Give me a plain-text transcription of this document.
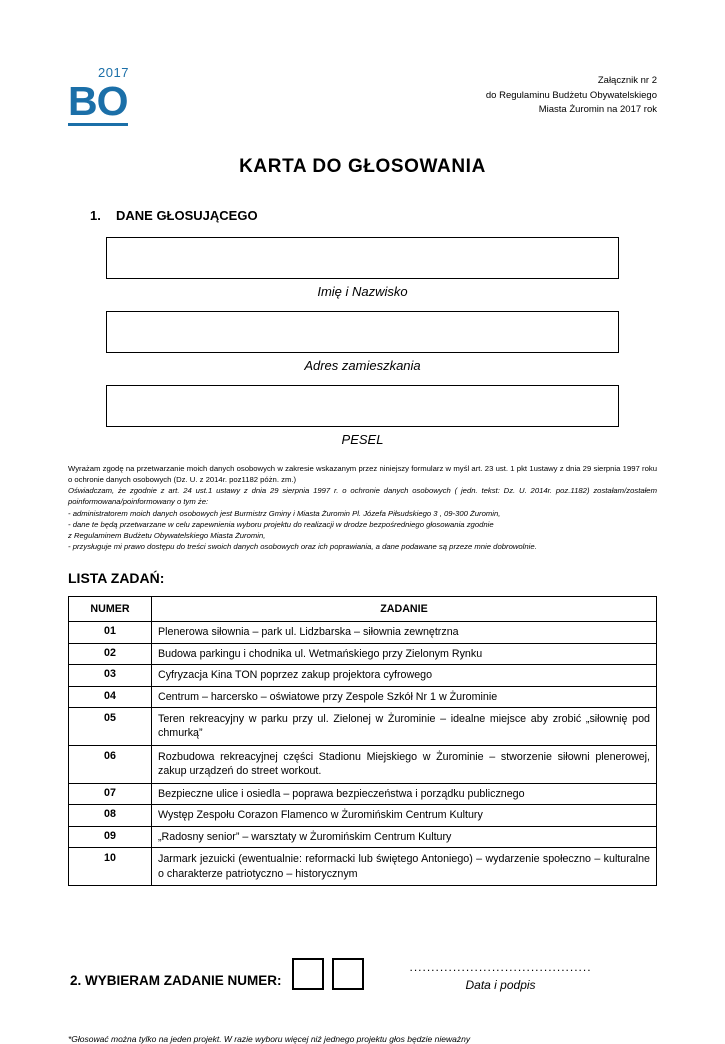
2017
BO	Załącznik nr 2
do Regulaminu Budżetu Obywatelskiego
Miasta Żuromin na 2017 rok
KARTA DO GŁOSOWANIA
1. DANE GŁOSUJĄCEGO
Imię i Nazwisko
Adres zamieszkania
PESEL

Wyrażam zgodę na przetwarzanie moich danych osobowych w zakresie wskazanym przez niniejszy formularz w myśl art. 23 ust. 1 pkt 1ustawy z dnia 29 sierpnia 1997 roku o ochronie danych osobowych (Dz. U. z 2014r. poz1182 póżn. zm.)

Oświadczam, że zgodnie z art. 24 ust.1 ustawy z dnia 29 sierpnia 1997 r. o ochronie danych osobowych ( jedn. tekst: Dz. U. 2014r. poz.1182) zostałam/zostałem poinformowana/poinformowany o tym że:

- administratorem moich danych osobowych jest Burmistrz Gminy i Miasta Żuromin Pl. Józefa Piłsudskiego 3 , 09-300 Żuromin,

- dane te będą przetwarzane w celu zapewnienia wyboru projektu do realizacji w drodze bezpośredniego głosowania zgodnie

z Regulaminem Budżetu Obywatelskiego Miasta Żuromin,

- przysługuje mi prawo dostępu do treści swoich danych osobowych oraz ich poprawiania, a dane podawane są przeze mnie dobrowolnie.

LISTA ZADAŃ:
NUMER	ZADANIE
01	Plenerowa siłownia – park ul. Lidzbarska – siłownia zewnętrzna
02	Budowa parkingu i chodnika ul. Wetmańskiego przy Zielonym Rynku
03	Cyfryzacja Kina TON poprzez zakup projektora cyfrowego
04	Centrum – harcersko – oświatowe przy Zespole Szkół Nr 1 w Żurominie
05	Teren rekreacyjny w parku przy ul. Zielonej w Żurominie – idealne miejsce aby zrobić „siłownię pod chmurką”
06	Rozbudowa rekreacyjnej części Stadionu Miejskiego w Żurominie – stworzenie siłowni plenerowej, zakup urządzeń do street workout.
07	Bezpieczne ulice i osiedla – poprawa bezpieczeństwa i porządku publicznego
08	Występ Zespołu Corazon Flamenco w Żuromińskim Centrum Kultury
09	„Radosny senior” – warsztaty w Żuromińskim Centrum Kultury
10	Jarmark jezuicki (ewentualnie: reformacki lub świętego Antoniego) – wydarzenie społeczno – kulturalne o charakterze patriotyczno – historycznym
2. WYBIERAM ZADANIE NUMER:
..........................................
Data i podpis
*Głosować można tylko na jeden projekt. W razie wyboru więcej niż jednego projektu głos będzie nieważny
